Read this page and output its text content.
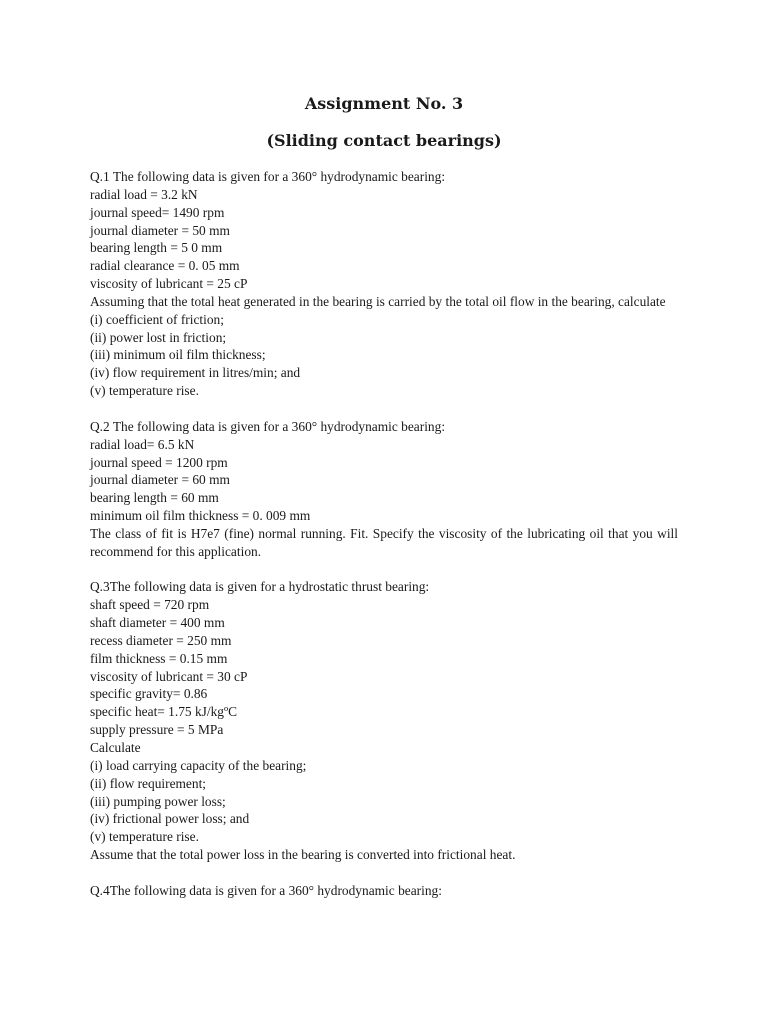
Assignment No. 3
(Sliding contact bearings)
Q.1 The following data is given for a 360° hydrodynamic bearing:
radial load = 3.2 kN
journal speed= 1490 rpm
journal diameter = 50 mm
bearing length = 5 0 mm
radial clearance = 0. 05 mm
viscosity of lubricant = 25 cP
Assuming that the total heat generated in the bearing is carried by the total oil flow in the bearing, calculate
(i) coefficient of friction;
(ii) power lost in friction;
(iii) minimum oil film thickness;
(iv) flow requirement in litres/min; and
(v) temperature rise.
Q.2 The following data is given for a 360° hydrodynamic bearing:
radial load= 6.5 kN
journal speed = 1200 rpm
journal diameter = 60 mm
bearing length = 60 mm
minimum oil film thickness = 0. 009 mm
The class of fit is H7e7 (fine) normal running. Fit. Specify the viscosity of the lubricating oil that you will recommend for this application.
Q.3The following data is given for a hydrostatic thrust bearing:
shaft speed = 720 rpm
shaft diameter = 400 mm
recess diameter = 250 mm
film thickness = 0.15 mm
viscosity of lubricant = 30 cP
specific gravity= 0.86
specific heat= 1.75 kJ/kgºC
supply pressure = 5 MPa
Calculate
(i) load carrying capacity of the bearing;
(ii) flow requirement;
(iii) pumping power loss;
(iv) frictional power loss; and
(v) temperature rise.
Assume that the total power loss in the bearing is converted into frictional heat.
Q.4The following data is given for a 360° hydrodynamic bearing:
